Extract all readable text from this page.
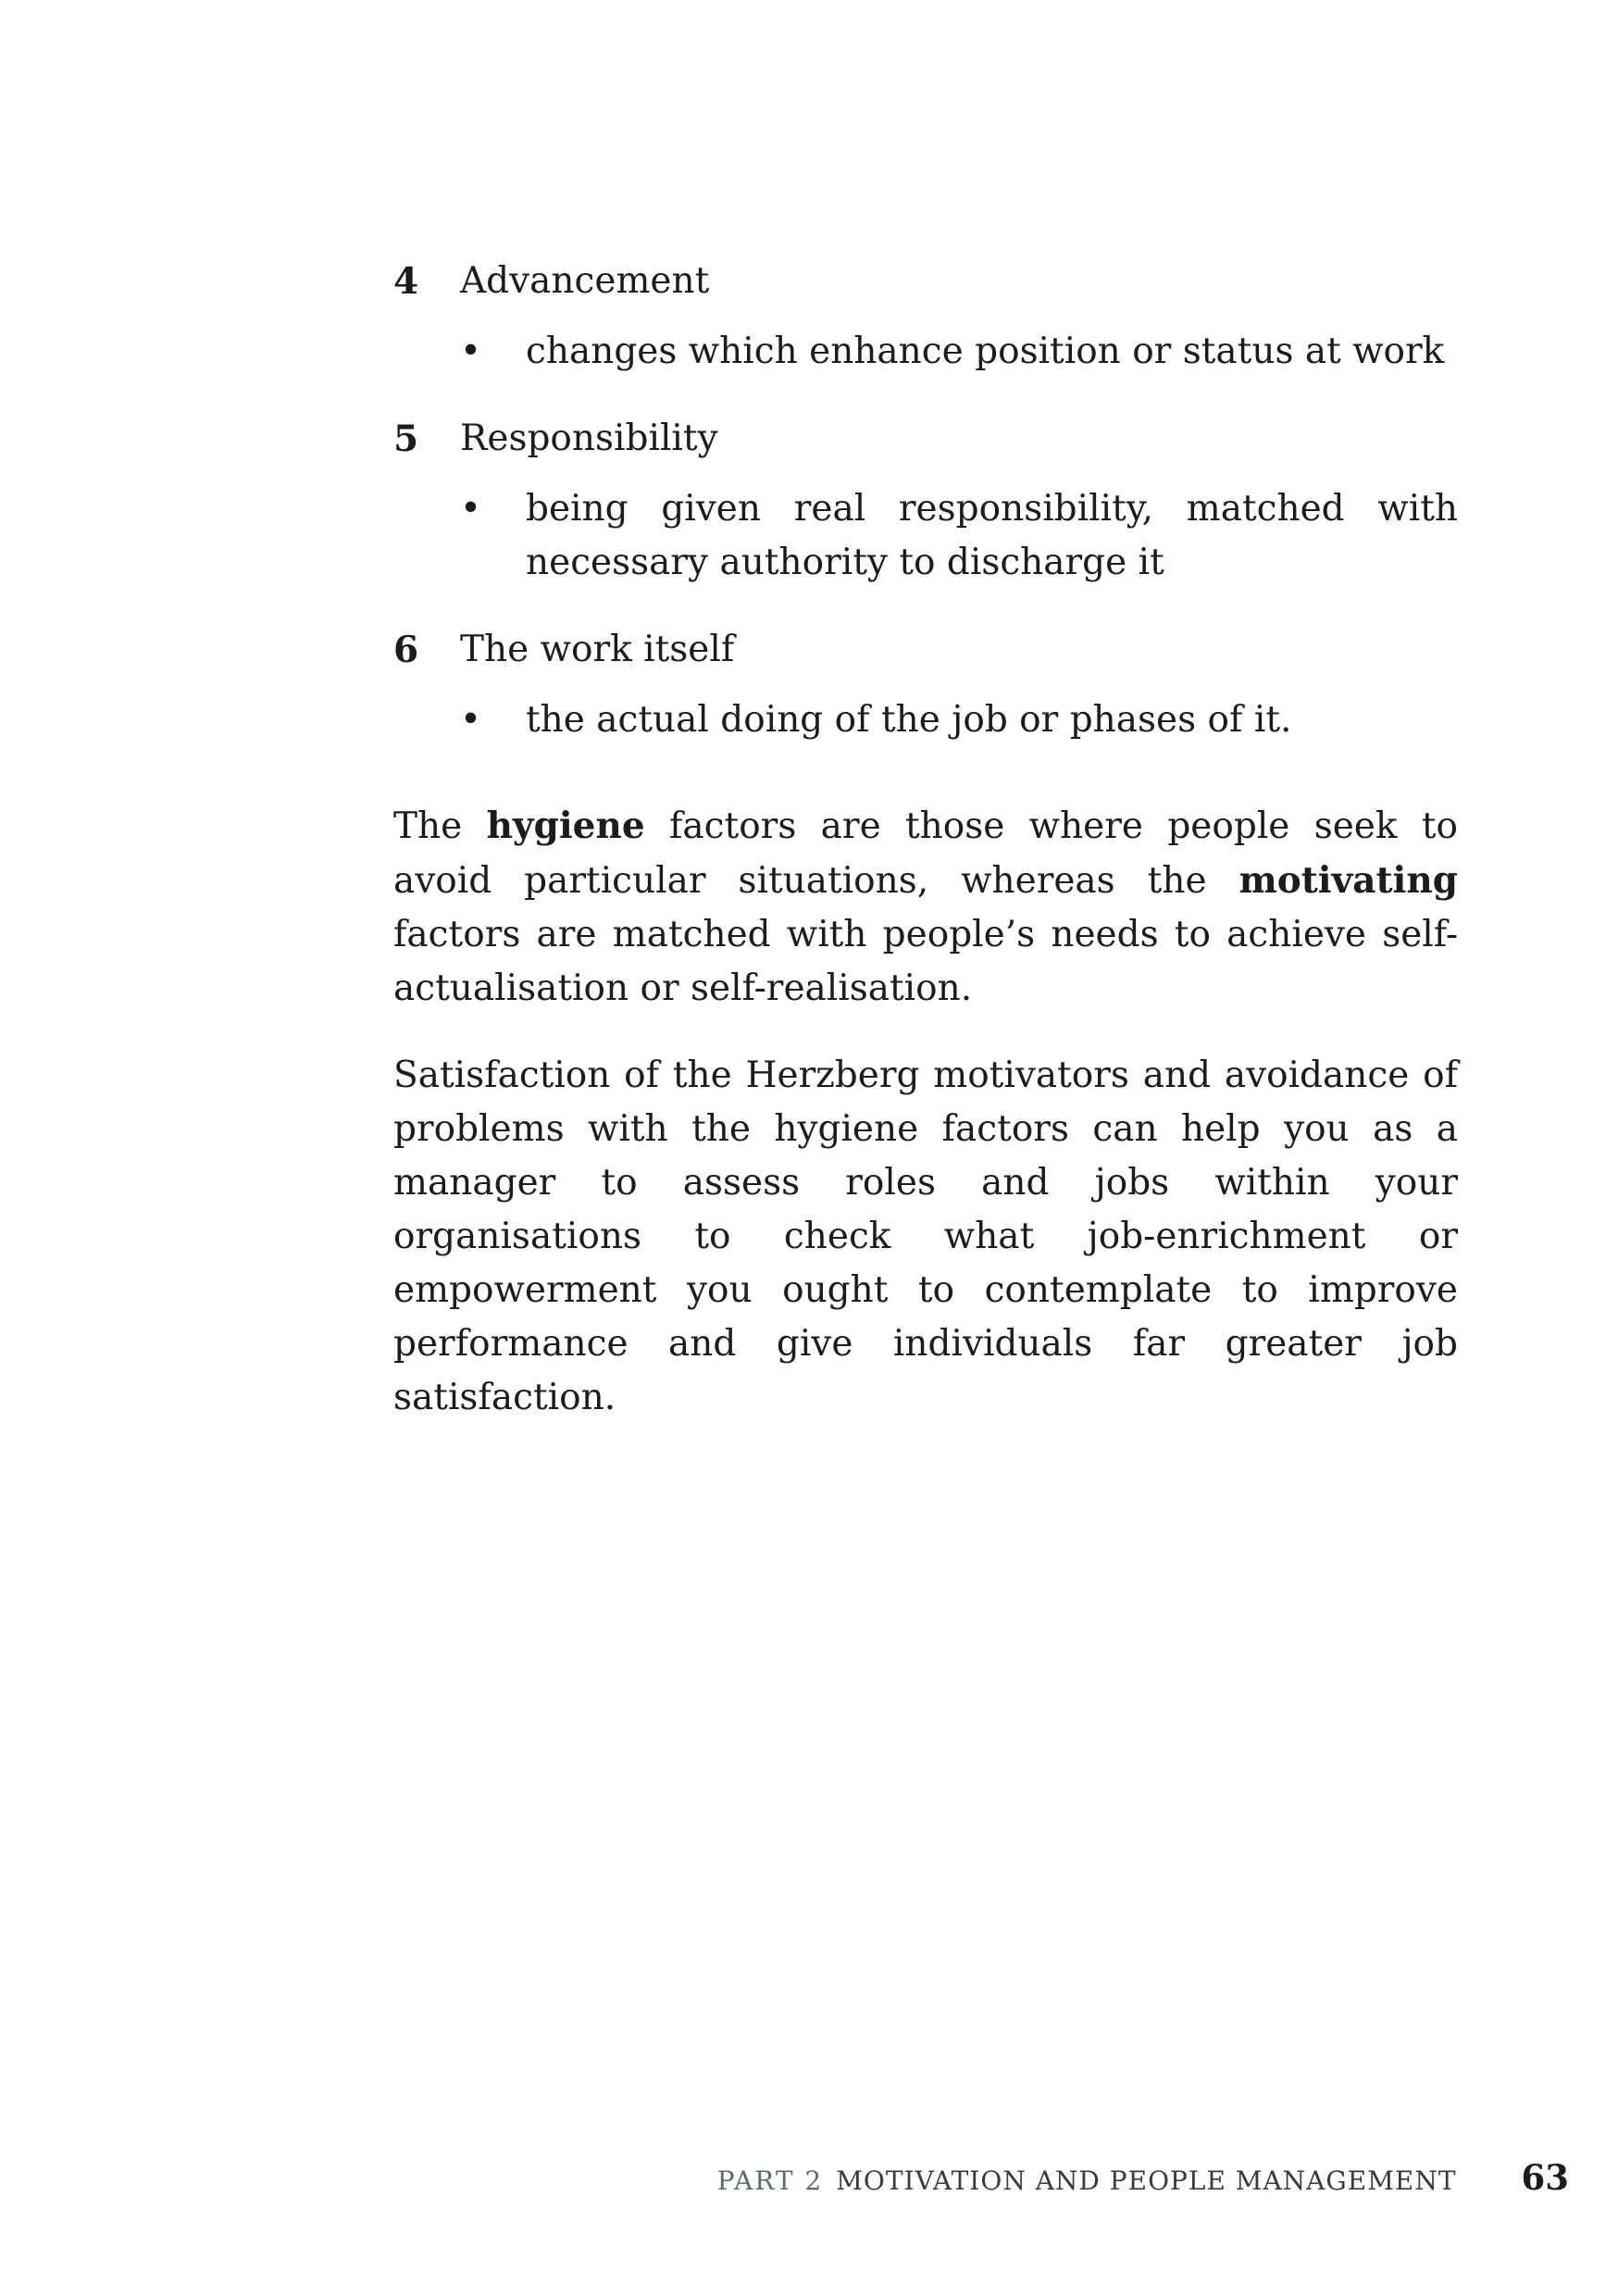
4 Advancement
• changes which enhance position or status at work
5 Responsibility
• being given real responsibility, matched with necessary authority to discharge it
6 The work itself
• the actual doing of the job or phases of it.

The hygiene factors are those where people seek to avoid particular situations, whereas the motivating factors are matched with people’s needs to achieve self-actualisation or self-realisation.

Satisfaction of the Herzberg motivators and avoidance of problems with the hygiene factors can help you as a manager to assess roles and jobs within your organisations to check what job-enrichment or empowerment you ought to contemplate to improve performance and give individuals far greater job satisfaction.

PART 2 MOTIVATION AND PEOPLE MANAGEMENT 63
